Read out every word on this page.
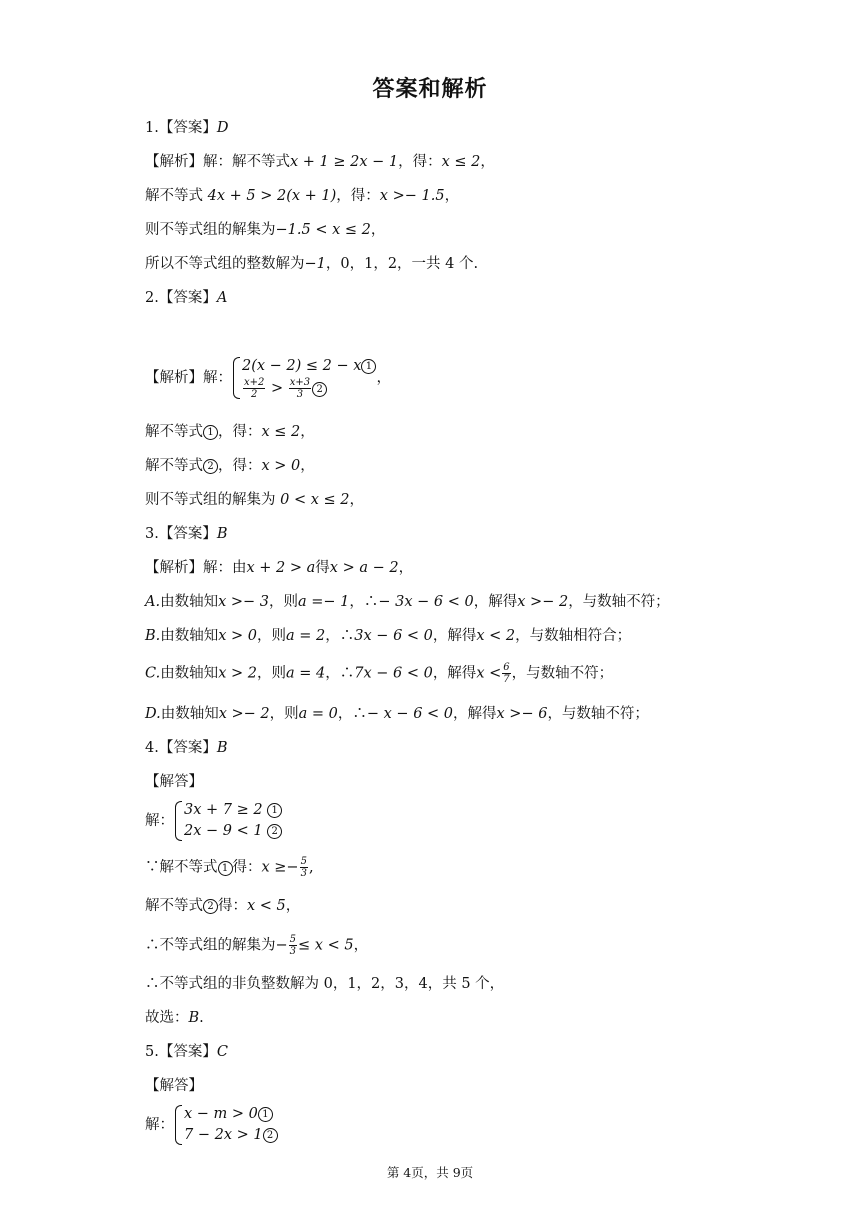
答案和解析
1.【答案】D
【解析】解：解不等式x + 1 ≥ 2x − 1，得：x ≤ 2，
解不等式 4x + 5 > 2(x + 1)，得：x >− 1.5，
则不等式组的解集为−1.5 < x ≤ 2，
所以不等式组的整数解为−1，0，1，2，一共 4 个.
2.【答案】A
【解析】解：
2(x − 2) ≤ 2 − x 1
$\frac{x+2}{2} > \frac{x+3}{3} 2$
，
解不等式 1 ，得：x ≤ 2，
解不等式 2 ，得：x > 0，
则不等式组的解集为 0 < x ≤ 2，
3.【答案】B
【解析】解：由x + 2 > a得x > a − 2，
A.由数轴知x >− 3，则a =− 1，∴− 3x − 6 < 0，解得x >− 2，与数轴不符；
B.由数轴知x > 0，则a = 2，∴3x − 6 < 0，解得x < 2，与数轴相符合；
C.由数轴知x > 2，则a = 4，∴7x − 6 < 0，解得$x < \frac{6}{7}$ ，与数轴不符；
D.由数轴知x >− 2，则a = 0，∴− x − 6 < 0，解得x >− 6，与数轴不符；
4.【答案】B
【解答】
解：
3x + 7 ≥ 2 1
2x − 9 < 1 2
∵解不等式 1 得：$x \ge- \frac{5}{3}$ ,
解不等式 2 得：x < 5，
∴不等式组的解集为− $\frac{5}{3} \le x < 5$，
∴不等式组的非负整数解为 0，1，2，3，4，共 5 个，
故选：B.
5.【答案】C
【解答】
解：
x − m > 0 1
7 − 2x > 1 2
第 4页，共 9页
